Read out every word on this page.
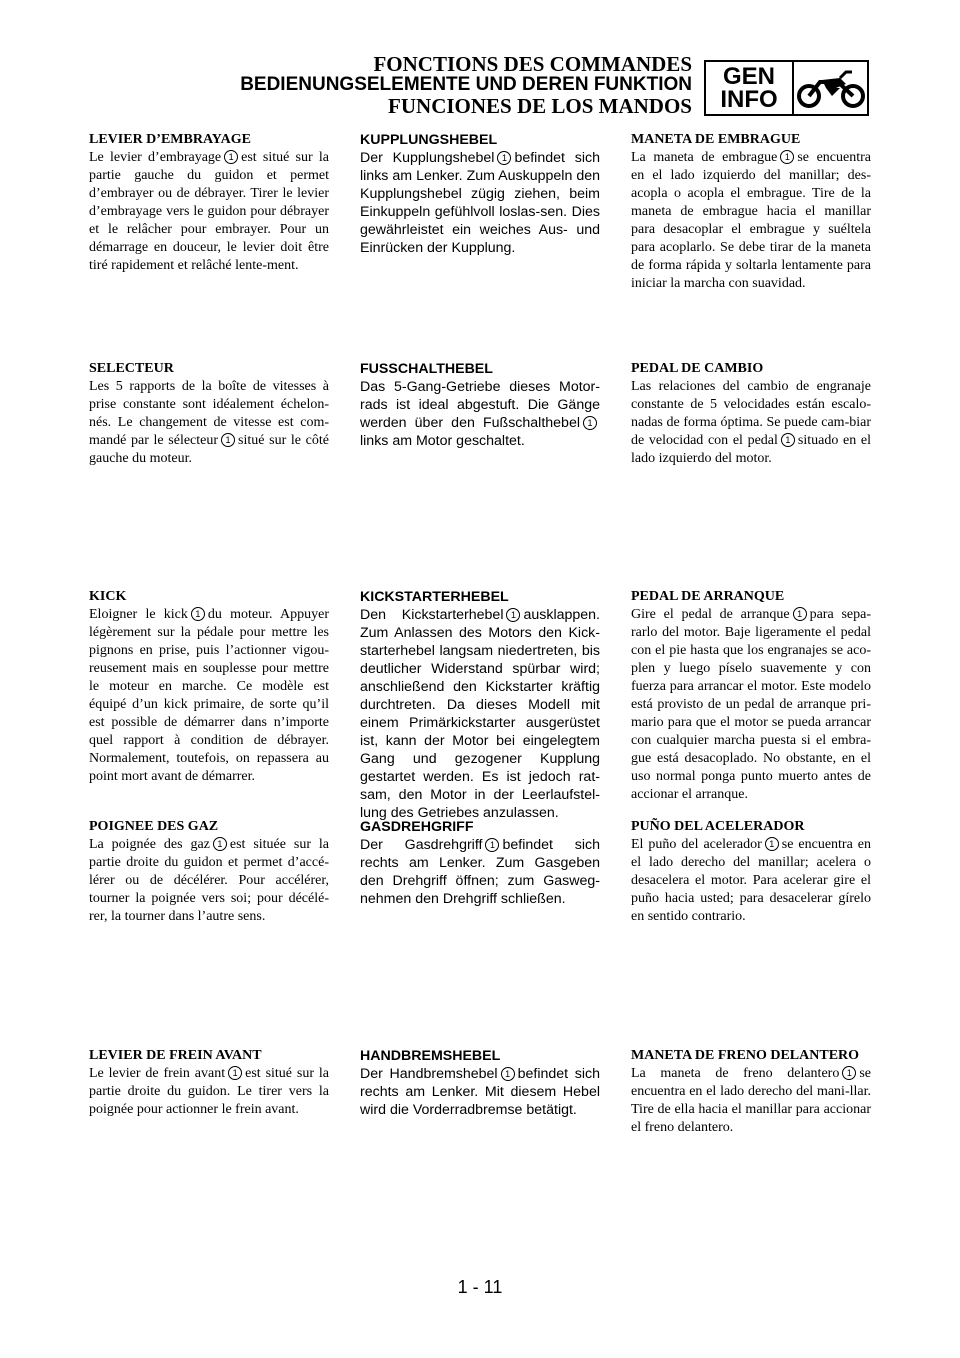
FONCTIONS DES COMMANDES
BEDIENUNGSELEMENTE UND DEREN FUNKTION
FUNCIONES DE LOS MANDOS
GEN
INFO
LEVIER D’EMBRAYAGE

Le levier d’embrayage 1 est situé sur la partie gauche du guidon et permet d’embrayer ou de débrayer. Tirer le levier d’embrayage vers le guidon pour débrayer et le relâcher pour embrayer. Pour un démarrage en douceur, le levier doit être tiré rapidement et relâché lente-ment.

KUPPLUNGSHEBEL

Der Kupplungshebel 1 befindet sich links am Lenker. Zum Auskuppeln den Kupplungshebel zügig ziehen, beim Einkuppeln gefühlvoll loslas-sen. Dies gewährleistet ein weiches Aus- und Einrücken der Kupplung.

MANETA DE EMBRAGUE

La maneta de embrague 1 se encuentra en el lado izquierdo del manillar; des-acopla o acopla el embrague. Tire de la maneta de embrague hacia el manillar para desacoplar el embrague y suéltela para acoplarlo. Se debe tirar de la maneta de forma rápida y soltarla lentamente para iniciar la marcha con suavidad.

SELECTEUR

Les 5 rapports de la boîte de vitesses à prise constante sont idéalement échelon-nés. Le changement de vitesse est com-mandé par le sélecteur 1 situé sur le côté gauche du moteur.

FUSSCHALTHEBEL

Das 5-Gang-Getriebe dieses Motor-rads ist ideal abgestuft. Die Gänge werden über den Fußschalthebel 1links am Motor geschaltet.

PEDAL DE CAMBIO

Las relaciones del cambio de engranaje constante de 5 velocidades están escalo-nadas de forma óptima. Se puede cam-biar de velocidad con el pedal 1 situado en el lado izquierdo del motor.

KICK

Eloigner le kick 1 du moteur. Appuyer légèrement sur la pédale pour mettre les pignons en prise, puis l’actionner vigou-reusement mais en souplesse pour mettre le moteur en marche. Ce modèle est équipé d’un kick primaire, de sorte qu’il est possible de démarrer dans n’importe quel rapport à condition de débrayer. Normalement, toutefois, on repassera au point mort avant de démarrer.

KICKSTARTERHEBEL

Den Kickstarterhebel 1 ausklappen. Zum Anlassen des Motors den Kick-starterhebel langsam niedertreten, bis deutlicher Widerstand spürbar wird; anschließend den Kickstarter kräftig durchtreten. Da dieses Modell mit einem Primärkickstarter ausgerüstet ist, kann der Motor bei eingelegtem Gang und gezogener Kupplung gestartet werden. Es ist jedoch rat-sam, den Motor in der Leerlaufstel-lung des Getriebes anzulassen.

PEDAL DE ARRANQUE

Gire el pedal de arranque 1 para sepa-rarlo del motor. Baje ligeramente el pedal con el pie hasta que los engranajes se aco-plen y luego píselo suavemente y con fuerza para arrancar el motor. Este modelo está provisto de un pedal de arranque pri-mario para que el motor se pueda arrancar con cualquier marcha puesta si el embra-gue está desacoplado. No obstante, en el uso normal ponga punto muerto antes de accionar el arranque.

POIGNEE DES GAZ

La poignée des gaz 1 est située sur la partie droite du guidon et permet d’accé-lérer ou de décélérer. Pour accélérer, tourner la poignée vers soi; pour décélé-rer, la tourner dans l’autre sens.

GASDREHGRIFF

Der Gasdrehgriff 1 befindet sich rechts am Lenker. Zum Gasgeben den Drehgriff öffnen; zum Gasweg-nehmen den Drehgriff schließen.

PUÑO DEL ACELERADOR

El puño del acelerador 1 se encuentra en el lado derecho del manillar; acelera o desacelera el motor. Para acelerar gire el puño hacia usted; para desacelerar gírelo en sentido contrario.

LEVIER DE FREIN AVANT

Le levier de frein avant 1 est situé sur la partie droite du guidon. Le tirer vers la poignée pour actionner le frein avant.

HANDBREMSHEBEL

Der Handbremshebel 1 befindet sich rechts am Lenker. Mit diesem Hebel wird die Vorderradbremse betätigt.

MANETA DE FRENO DELANTERO

La maneta de freno delantero 1 se encuentra en el lado derecho del mani-llar. Tire de ella hacia el manillar para accionar el freno delantero.

1 - 11
